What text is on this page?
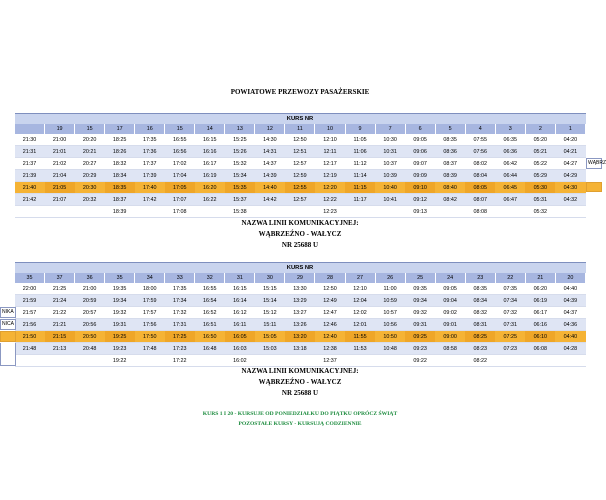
POWIATOWE PRZEWOZY PASAŻERSKIE
KURS NR																		
	19	15	17	16	15	14	13	12	11	10	9	7	6	5	4	3	2	1
21:30	21:00	20:20	18:25	17:35	16:55	16:15	15:25	14:30	12:50	12:10	11:05	10:30	09:05	08:35	07:55	06:35	05:20	04:20
21:31	21:01	20:21	18:26	17:36	16:56	16:16	15:26	14:31	12:51	12:11	11:06	10:31	09:06	08:36	07:56	06:36	05:21	04:21
21:37	21:02	20:27	18:32	17:37	17:02	16:17	15:32	14:37	12:57	12:17	11:12	10:37	09:07	08:37	08:02	06:42	05:22	04:27
21:39	21:04	20:29	18:34	17:39	17:04	16:19	15:34	14:39	12:59	12:19	11:14	10:39	09:09	08:39	08:04	06:44	05:29	04:29
21:40	21:05	20:30	18:35	17:40	17:05	16:20	15:35	14:40	12:55	12:20	11:15	10:40	09:10	08:40	08:05	06:45	05:30	04:30
21:42	21:07	20:32	18:37	17:42	17:07	16:22	15:37	14:42	12:57	12:22	11:17	10:41	09:12	08:42	08:07	06:47	05:31	04:32
			18:39		17:08		15:38			12:23			09:13		08:08		05:32	
WĄBRZ
NAZWA LINII KOMUNIKACYJNEJ:
WĄBRZEŹNO - WAŁYCZ
NR 25688 U
KURS NR																		
35	37	36	35	34	33	32	31	30	29	28	27	26	25	24	23	22	21	20
22:00	21:25	21:00	19:35	18:00	17:35	16:55	16:15	15:15	13:30	12:50	12:10	11:00	09:35	09:05	08:35	07:35	06:20	04:40
21:59	21:24	20:59	19:34	17:59	17:34	16:54	16:14	15:14	13:29	12:49	12:04	10:59	09:34	09:04	08:34	07:34	06:19	04:39
21:57	21:22	20:57	19:32	17:57	17:32	16:52	16:12	15:12	13:27	12:47	12:02	10:57	09:32	09:02	08:32	07:32	06:17	04:37
21:56	21:21	20:56	19:31	17:56	17:31	16:51	16:11	15:11	13:26	12:46	12:01	10:56	09:31	09:01	08:31	07:31	06:16	04:36
21:50	21:15	20:50	19:25	17:50	17:25	16:50	16:05	15:05	13:20	12:40	11:55	10:50	09:25	09:00	08:25	07:25	06:10	04:40
21:48	21:13	20:48	19:23	17:48	17:23	16:48	16:03	15:03	13:18	12:38	11:53	10:48	09:23	08:58	08:23	07:23	06:08	04:28
			19:22		17:22		16:02			12:37			09:22		08:22			
NIKA
NICA
NAZWA LINII KOMUNIKACYJNEJ:
WĄBRZEŹNO - WAŁYCZ
NR 25688 U
KURS 1 I 20 - KURSUJE OD PONIEDZIAŁKU DO PIĄTKU OPRÓCZ ŚWIĄT
POZOSTAŁE KURSY - KURSUJĄ CODZIENNIE
